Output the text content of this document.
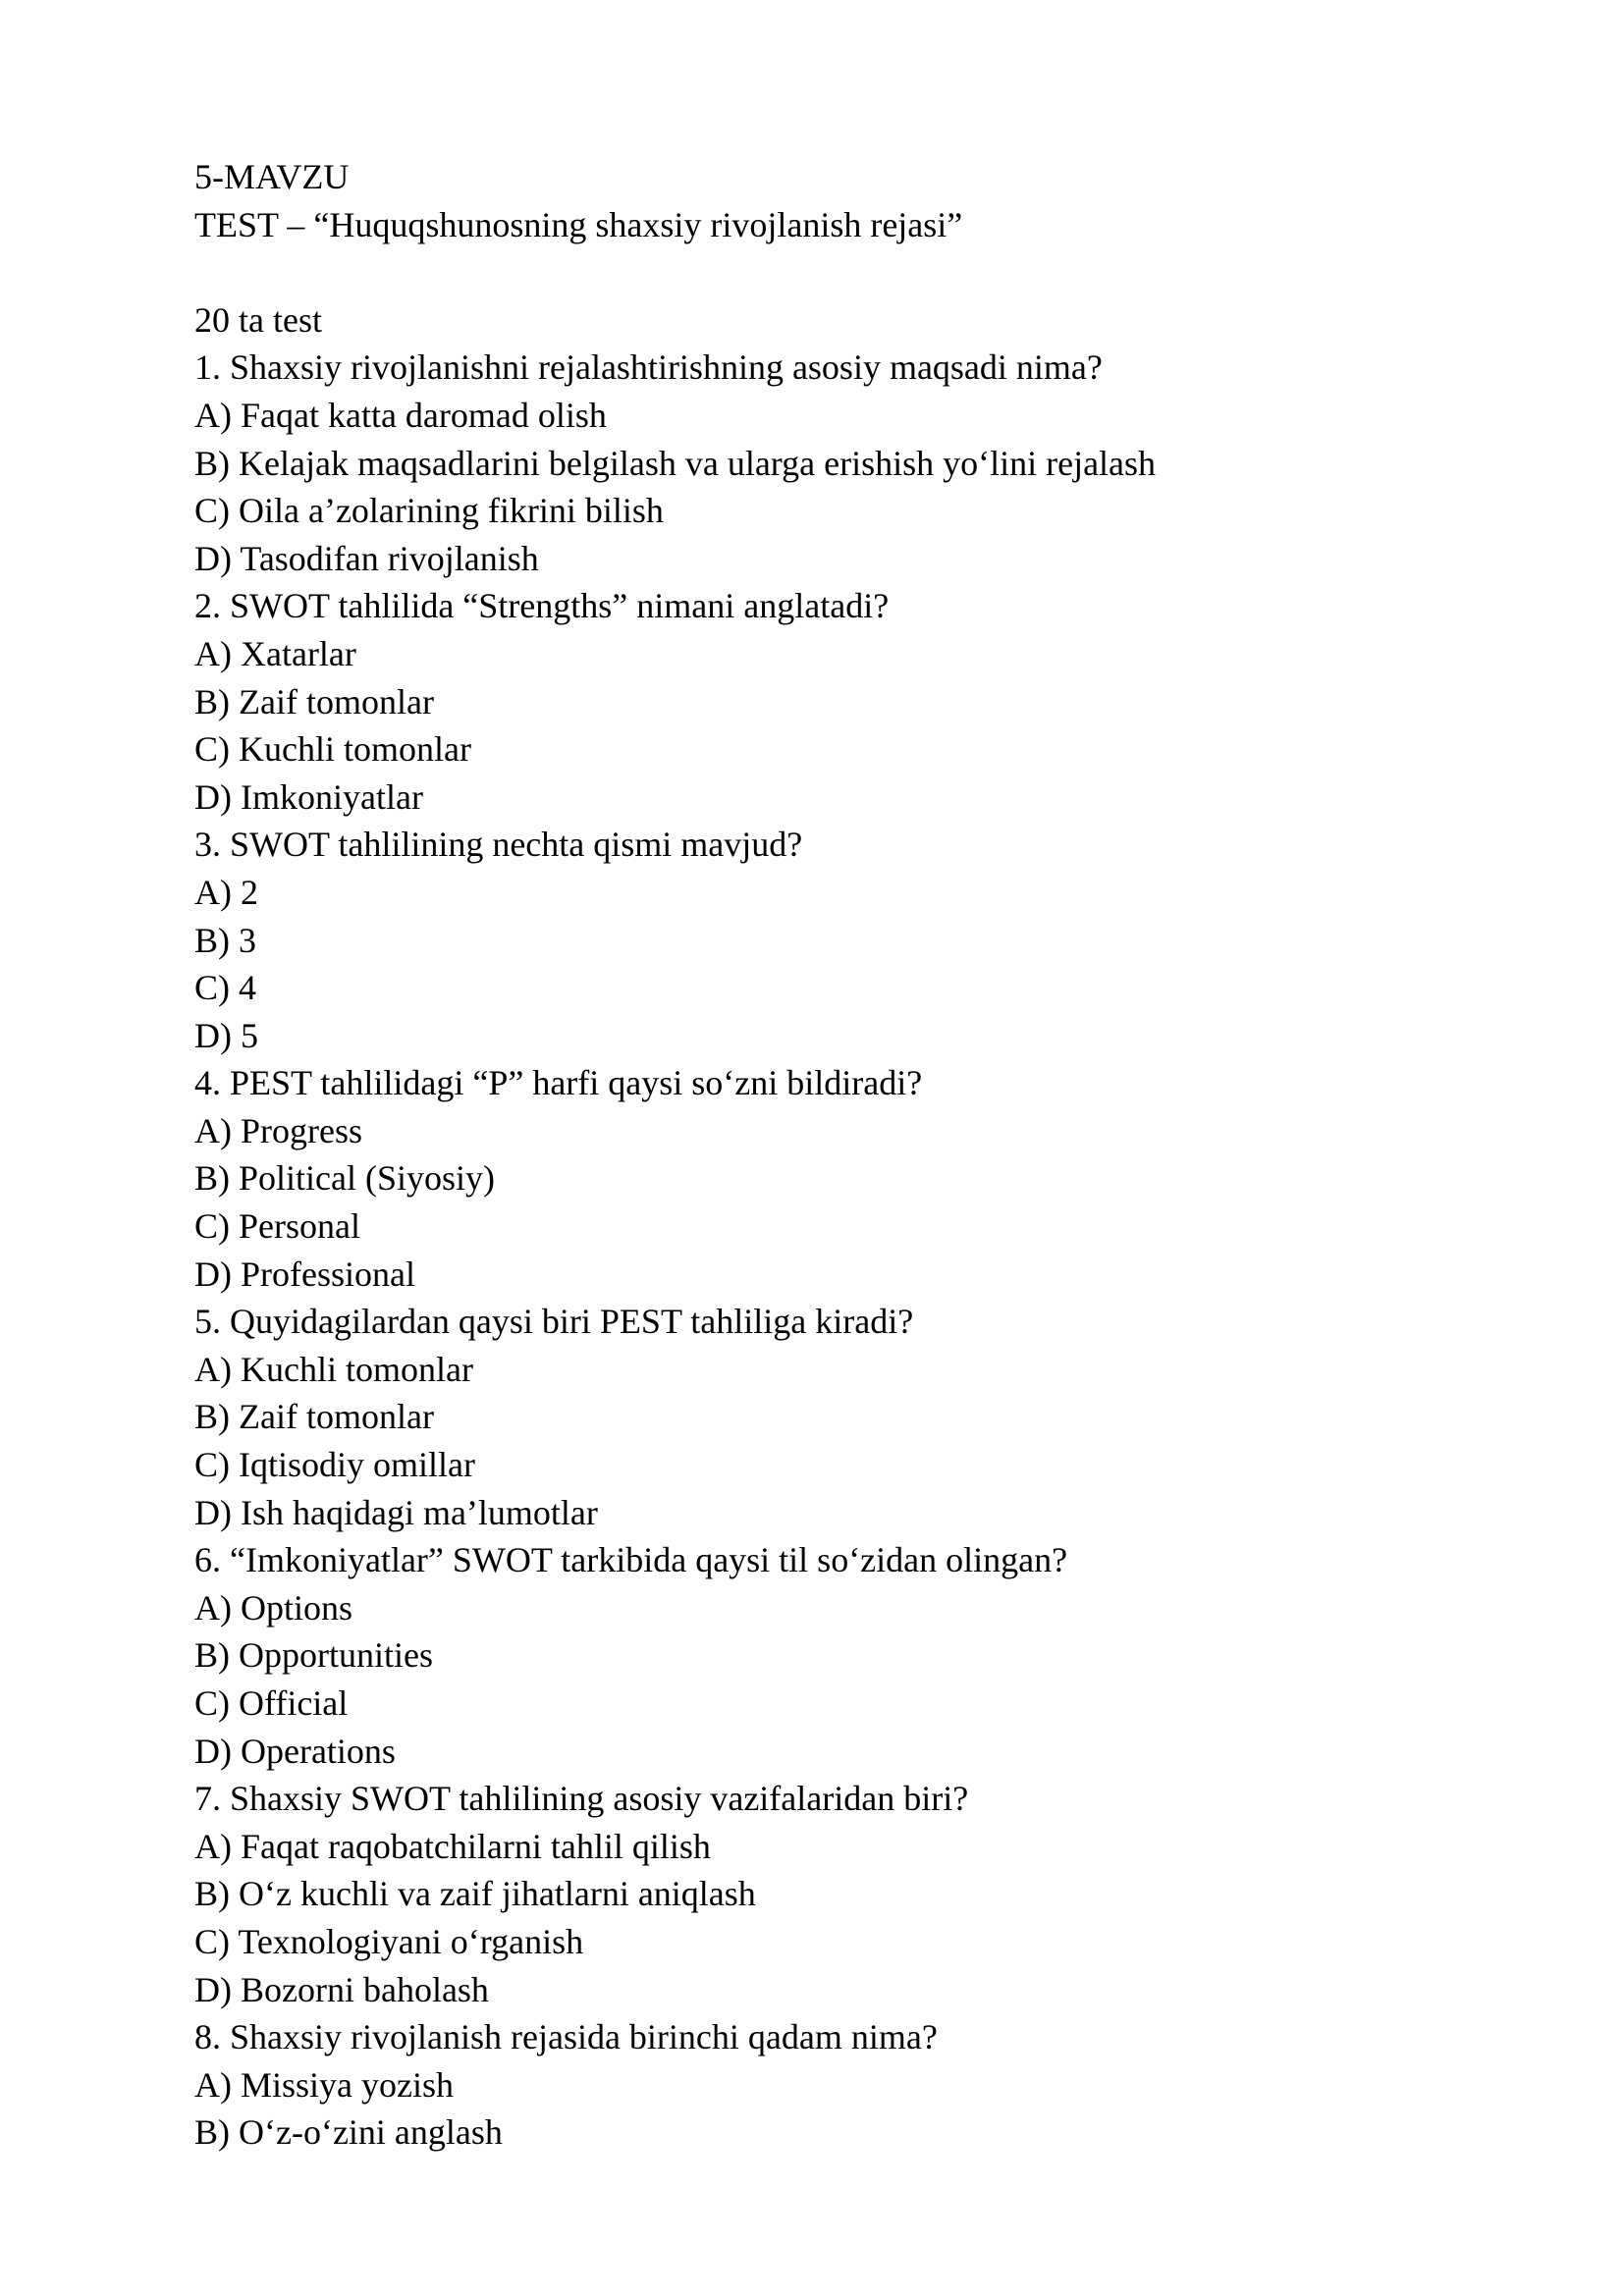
5-MAVZU
TEST – “Huquqshunosning shaxsiy rivojlanish rejasi”
20 ta test
1. Shaxsiy rivojlanishni rejalashtirishning asosiy maqsadi nima?
A) Faqat katta daromad olish
B) Kelajak maqsadlarini belgilash va ularga erishish yo‘lini rejalash
C) Oila a’zolarining fikrini bilish
D) Tasodifan rivojlanish
2. SWOT tahlilida “Strengths” nimani anglatadi?
A) Xatarlar
B) Zaif tomonlar
C) Kuchli tomonlar
D) Imkoniyatlar
3. SWOT tahlilining nechta qismi mavjud?
A) 2
B) 3
C) 4
D) 5
4. PEST tahlilidagi “P” harfi qaysi so‘zni bildiradi?
A) Progress
B) Political (Siyosiy)
C) Personal
D) Professional
5. Quyidagilardan qaysi biri PEST tahliliga kiradi?
A) Kuchli tomonlar
B) Zaif tomonlar
C) Iqtisodiy omillar
D) Ish haqidagi ma’lumotlar
6. “Imkoniyatlar” SWOT tarkibida qaysi til so‘zidan olingan?
A) Options
B) Opportunities
C) Official
D) Operations
7. Shaxsiy SWOT tahlilining asosiy vazifalaridan biri?
A) Faqat raqobatchilarni tahlil qilish
B) O‘z kuchli va zaif jihatlarni aniqlash
C) Texnologiyani o‘rganish
D) Bozorni baholash
8. Shaxsiy rivojlanish rejasida birinchi qadam nima?
A) Missiya yozish
B) O‘z-o‘zini anglash
